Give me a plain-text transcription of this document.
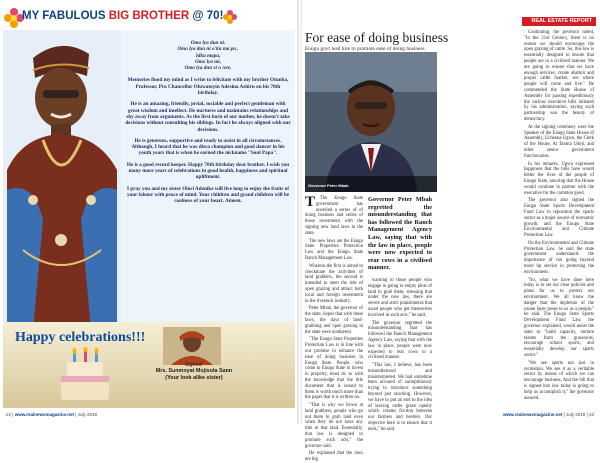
MY FABULOUS BIG BROTHER @ 70!

Omo lya dun ni.
Omo lya dun ni o'ku ma pa ,
Idku mapa,
Omo lya mi,
Omo lya dun si o /zee.

Memories flood my mind as I write to felicitate with my brother Otunba, Professor, Pro Chancellor Oluwatoyin Adesina Ashiru on his 70th birthday.

He is an amazing, friendly, jovial, sociable and perfect gentleman with great wisdom and intellect. He nurtures and maintains relationships and shy away from arguments. As the first born of our mother, he doesn't take decisions without consulting his siblings. In fact he always aligned with our decisions.

He is generous, supportive and ready to assist in all circumstances. Although, I heard that he was disco champion and good dancer in his youth years that is when he earned the nickname "Soul Papa".

He is a good record keeper. Happy 70th birthday dear brother. I wish you many more years of celebrations in good health, happiness and spiritual upliftment.

I pray you and my sister Olori Adenike will live long to enjoy the fruits of your labour with peace of mind. Your children and grand children will be coolness of your heart. Ameen.

Happy celebrations!!!
Signed:
Mrs. Sunmoyat Mojisola Sann
(Your look alike sister)
22 | www.realnewsmagazine.net | July 2019
REAL ESTATE REPORT
For ease of doing business
Enugu govt lead hire to promote ease of doing business
Governor Peter Mbah

T The Enugu State government has unveiled a series of of doing business and series of those investment with the signing new land laws in the state.

The new laws are the Enugu State Properties Protection Law and the Enugu State Ranch Management Law.

Whereas the first is aimed to checkmate the activities of land grabbers, the second is intended to stem the tide of open grazing and attract both local and foreign investment in the livestock industry.

Peter Mbah, the governor of the state, hopes that with these laws, the days of land-grabbing and open grazing in the state were numbered.

"The Enugu State Properties Protection Law is in line with our promise to enhance the ease of doing business in Enugu State. People, who come to Enugu State to invest in property, must do so with the knowledge that the title document that is issued to them is worth much more than the paper that it is written on.

"That is why we frown at land grabbers, people who go out there to grab land even when they do not have any title to that land. Essentially, that law is designed to promote such acts," the governor said.

He explained that the laws are big

Governor Peter Mbah regretted the misunderstanding that has followed the Ranch Management Agency Law, saying that with the law in place, people were now expected to rear cows in a civilised manner.

warning to those people who engage in going to empty plots of land to grab them, stressing that under the new law, there are severe and strict punishments that await people who get themselves involved in such acts," he said.

The governor regretted the misunderstanding that has followed the Ranch Management Agency Law, saying that with the law in place, people were now expected to rear cows in a civilised manner.

"This law, I believe, has been misunderstood and misinterpreted. We had sometime been accused of surreptitiously trying to introduce something beyond just ranching. However, we have to put an end to the idea of leaving cattle graze openly which creates friction between our farmers and herders. Our objective here is to ensure that it ends," he said.

Continuing, the governor noted, "In the 21st Century, there is no reason we should encourage the open grazing of cattle. So, this law is essentially designed to ensure that people are in a civilised manner. We are going to ensure that we have enough services, create abattoir and proper cattle market, see where people will come and live." He commended the State House of Assembly for passing expeditiously the various executive bills initiated by his administration, saying such partnership was the beauty of democracy.

At the signing ceremony were the Speaker of the Enugu State House of Assembly, Uchenna Ugwu, the Clerk of the House, Ar Emma Udeji, and other senior government functionaries.

In his remarks, Ugwu expressed happiness that the bills have would better the lives of the people of Enugu State, assuring that the House would continue to partner with the executive for the common good.

The governor also signed the Enugu State Sports Development Fund Law to reposition the sports sector as a major source of economic growth; and the Enugu State Environmental and Climate Protection Law.

On the Environmental and Climate Protection Law, he said the state government understands the importance of not going beyond more lip service in protecting the environment.

"So, what we have done here today is to set out clear policies and plans for us to protect our environment. We all know the danger that the depletion of the ozone layer poses to us as a people," he said. The Enugu State Sports Development Fund Law, the governor explained, would assist the state to "build capacity, nurture talents from the grassroots, encourage school sports, and essentially develop our sports sector."

"We see sports not just in recreation. We see it as a veritable sector by means of which we can encourage business. And the bill that is signed into law today is going to help us accomplish it," the governor assured.

www.realnewsmagazine.net | July 2019 | 23
